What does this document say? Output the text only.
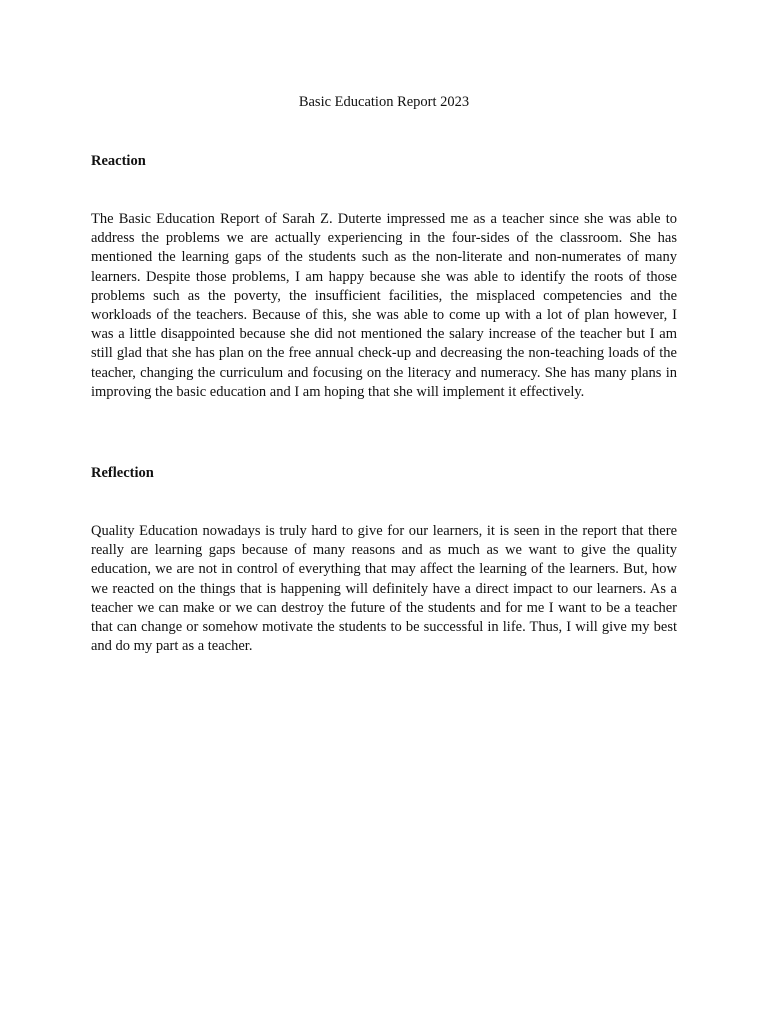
Basic Education Report 2023

Reaction

The Basic Education Report of Sarah Z. Duterte impressed me as a teacher since she was able to address the problems we are actually experiencing in the four-sides of the classroom. She has mentioned the learning gaps of the students such as the non-literate and non-numerates of many learners. Despite those problems, I am happy because she was able to identify the roots of those problems such as the poverty, the insufficient facilities, the misplaced competencies and the workloads of the teachers. Because of this, she was able to come up with a lot of plan however, I was a little disappointed because she did not mentioned the salary increase of the teacher but I am still glad that she has plan on the free annual check-up and decreasing the non-teaching loads of the teacher, changing the curriculum and focusing on the literacy and numeracy. She has many plans in improving the basic education and I am hoping that she will implement it effectively.

Reflection

Quality Education nowadays is truly hard to give for our learners, it is seen in the report that there really are learning gaps because of many reasons and as much as we want to give the quality education, we are not in control of everything that may affect the learning of the learners. But, how we reacted on the things that is happening will definitely have a direct impact to our learners. As a teacher we can make or we can destroy the future of the students and for me I want to be a teacher that can change or somehow motivate the students to be successful in life. Thus, I will give my best and do my part as a teacher.
